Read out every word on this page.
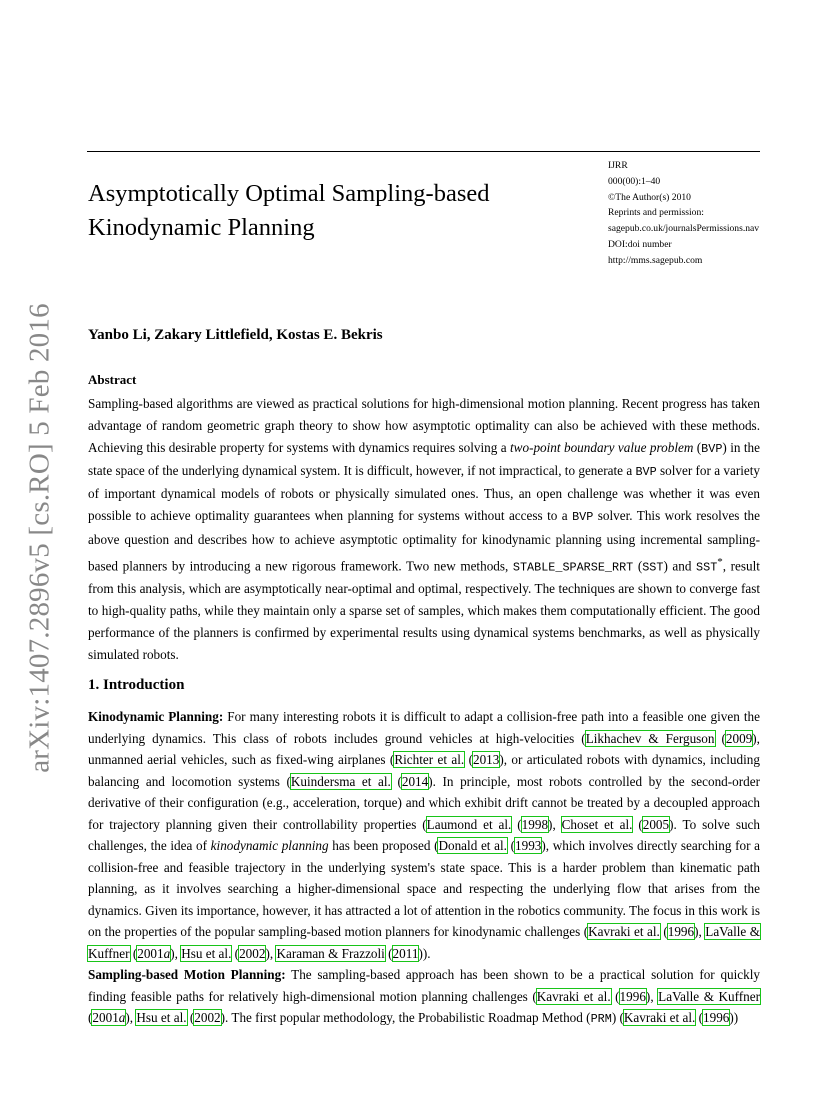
arXiv:1407.2896v5 [cs.RO] 5 Feb 2016
Asymptotically Optimal Sampling-based Kinodynamic Planning
IJRR
000(00):1–40
©The Author(s) 2010
Reprints and permission:
sagepub.co.uk/journalsPermissions.nav
DOI:doi number
http://mms.sagepub.com
Yanbo Li, Zakary Littlefield, Kostas E. Bekris
Abstract
Sampling-based algorithms are viewed as practical solutions for high-dimensional motion planning. Recent progress has taken advantage of random geometric graph theory to show how asymptotic optimality can also be achieved with these methods. Achieving this desirable property for systems with dynamics requires solving a two-point boundary value problem (BVP) in the state space of the underlying dynamical system. It is difficult, however, if not impractical, to generate a BVP solver for a variety of important dynamical models of robots or physically simulated ones. Thus, an open challenge was whether it was even possible to achieve optimality guarantees when planning for systems without access to a BVP solver. This work resolves the above question and describes how to achieve asymptotic optimality for kinodynamic planning using incremental sampling-based planners by introducing a new rigorous framework. Two new methods, STABLE_SPARSE_RRT (SST) and SST*, result from this analysis, which are asymptotically near-optimal and optimal, respectively. The techniques are shown to converge fast to high-quality paths, while they maintain only a sparse set of samples, which makes them computationally efficient. The good performance of the planners is confirmed by experimental results using dynamical systems benchmarks, as well as physically simulated robots.
1. Introduction

Kinodynamic Planning: For many interesting robots it is difficult to adapt a collision-free path into a feasible one given the underlying dynamics. This class of robots includes ground vehicles at high-velocities (Likhachev & Ferguson (2009), unmanned aerial vehicles, such as fixed-wing airplanes (Richter et al. (2013), or articulated robots with dynamics, including balancing and locomotion systems (Kuindersma et al. (2014). In principle, most robots controlled by the second-order derivative of their configuration (e.g., acceleration, torque) and which exhibit drift cannot be treated by a decoupled approach for trajectory planning given their controllability properties (Laumond et al. (1998), Choset et al. (2005). To solve such challenges, the idea of kinodynamic planning has been proposed (Donald et al. (1993), which involves directly searching for a collision-free and feasible trajectory in the underlying system's state space. This is a harder problem than kinematic path planning, as it involves searching a higher-dimensional space and respecting the underlying flow that arises from the dynamics. Given its importance, however, it has attracted a lot of attention in the robotics community. The focus in this work is on the properties of the popular sampling-based motion planners for kinodynamic challenges (Kavraki et al. (1996), LaValle & Kuffner (2001a), Hsu et al. (2002), Karaman & Frazzoli (2011)).

Sampling-based Motion Planning: The sampling-based approach has been shown to be a practical solution for quickly finding feasible paths for relatively high-dimensional motion planning challenges (Kavraki et al. (1996), LaValle & Kuffner (2001a), Hsu et al. (2002). The first popular methodology, the Probabilistic Roadmap Method (PRM) (Kavraki et al. (1996))
